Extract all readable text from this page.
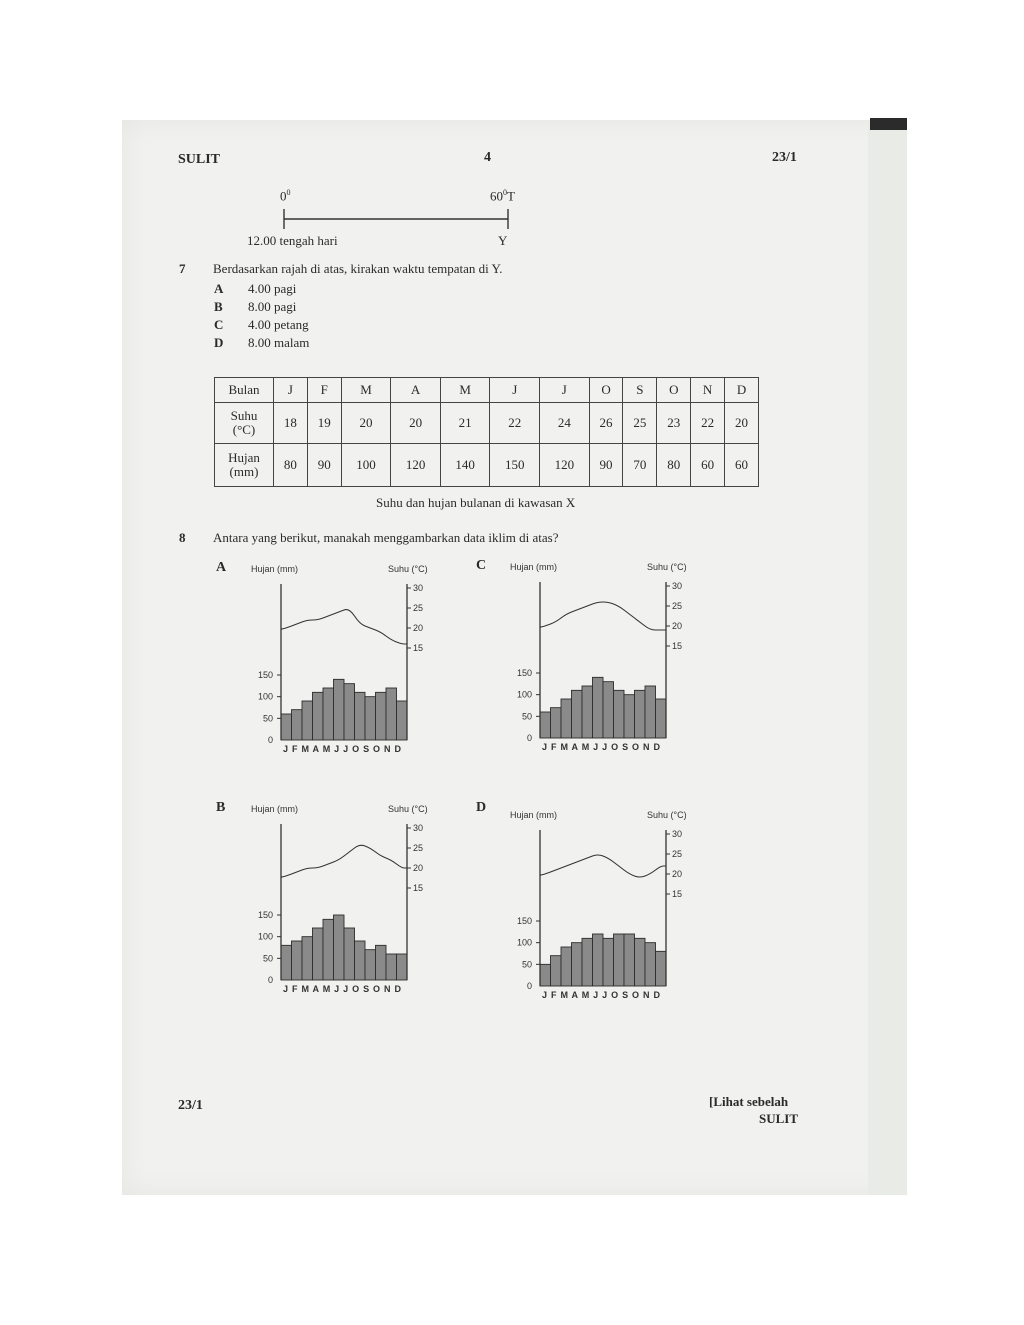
SULIT	4	23/1
$0^0$	$60^0T$
12.00 tengah hari	Y
7 Berdasarkan rajah di atas, kirakan waktu tempatan di Y.
A 4.00 pagi
B 8.00 pagi
C 4.00 petang
D 8.00 malam
Bulan	J	F	M	A	M	J	J	O	S	O	N	D
Suhu
(°C)	18	19	20	20	21	22	24	26	25	23	22	20
Hujan
(mm)	80	90	100	120	140	150	120	90	70	80	60	60
Suhu dan hujan bulanan di kawasan X
8 Antara yang berikut, manakah menggambarkan data iklim di atas?
A	C
B	D
Hujan (mm)	Suhu (°C)
0
50
100
150
15
20
25
30
J F M A M J J O S O N D
Hujan (mm)	Suhu (°C)
0
50
100
150
15
20
25
30
J F M A M J J O S O N D
Hujan (mm)	Suhu (°C)
0
50
100
150
15
20
25
30
J F M A M J J O S O N D
Hujan (mm)	Suhu (°C)
0
50
100
150
15
20
25
30
J F M A M J J O S O N D
23/1	[Lihat sebelah
SULIT
